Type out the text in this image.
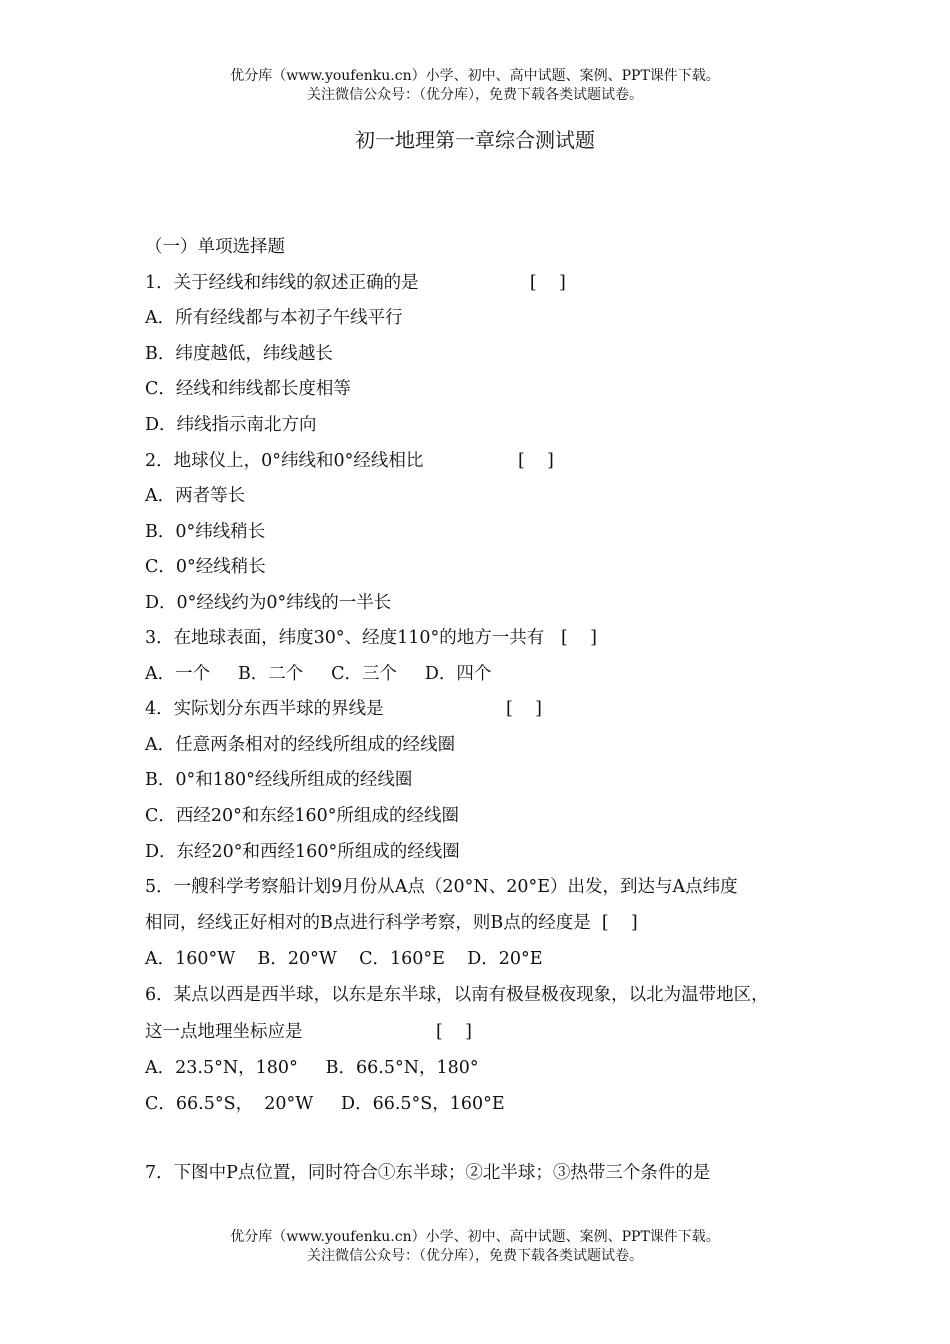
优分库（www.youfenku.cn）小学、初中、高中试题、案例、PPT课件下载。
关注微信公众号：（优分库），免费下载各类试题试卷。
初一地理第一章综合测试题
（一）单项选择题
1．关于经线和纬线的叙述正确的是                    [    ]
A．所有经线都与本初子午线平行
B．纬度越低，纬线越长
C．经线和纬线都长度相等
D．纬线指示南北方向
2．地球仪上，0°纬线和0°经线相比                 [    ]
A．两者等长
B．0°纬线稍长
C．0°经线稍长
D．0°经线约为0°纬线的一半长
3．在地球表面，纬度30°、经度110°的地方一共有   [    ]
A．一个     B．二个     C．三个     D．四个
4．实际划分东西半球的界线是                      [    ]
A．任意两条相对的经线所组成的经线圈
B．0°和180°经线所组成的经线圈
C．西经20°和东经160°所组成的经线圈
D．东经20°和西经160°所组成的经线圈
5．一艘科学考察船计划9月份从A点（20°N、20°E）出发，到达与A点纬度
相同，经线正好相对的B点进行科学考察，则B点的经度是  [    ]
A．160°W    B．20°W    C．160°E    D．20°E
6．某点以西是西半球，以东是东半球，以南有极昼极夜现象，以北为温带地区，
这一点地理坐标应是                        [    ]
A．23.5°N，180°     B．66.5°N，180°
C．66.5°S，  20°W     D．66.5°S，160°E
7．下图中P点位置，同时符合①东半球；②北半球；③热带三个条件的是
优分库（www.youfenku.cn）小学、初中、高中试题、案例、PPT课件下载。
关注微信公众号：（优分库），免费下载各类试题试卷。
